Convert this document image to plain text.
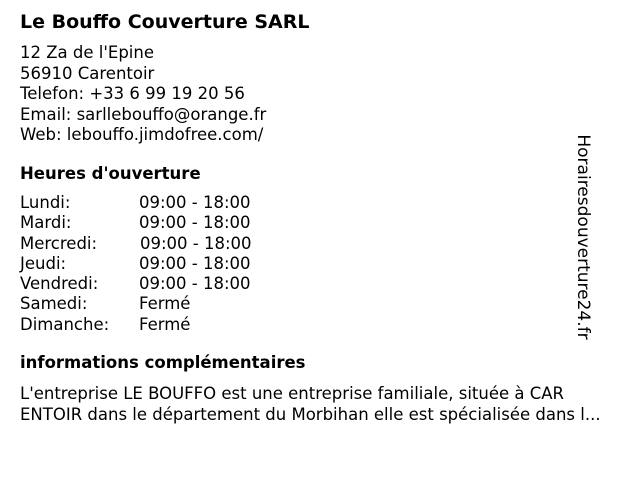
Le Bouffo Couverture SARL
12 Za de l'Epine
56910 Carentoir
Telefon: +33 6 99 19 20 56
Email: sarllebouffo@orange.fr
Web: lebouffo.jimdofree.com/
Heures d'ouverture
Lundi:	09:00 - 18:00
Mardi:	09:00 - 18:00
Mercredi:	09:00 - 18:00
Jeudi:	09:00 - 18:00
Vendredi: 09:00 - 18:00
Samedi:	Fermé
Dimanche: Fermé
informations complémentaires
L'entreprise LE BOUFFO est une entreprise familiale, située à CAR
ENTOIR dans le département du Morbihan elle est spécialisée dans l...
Horairesdouverture24.fr
